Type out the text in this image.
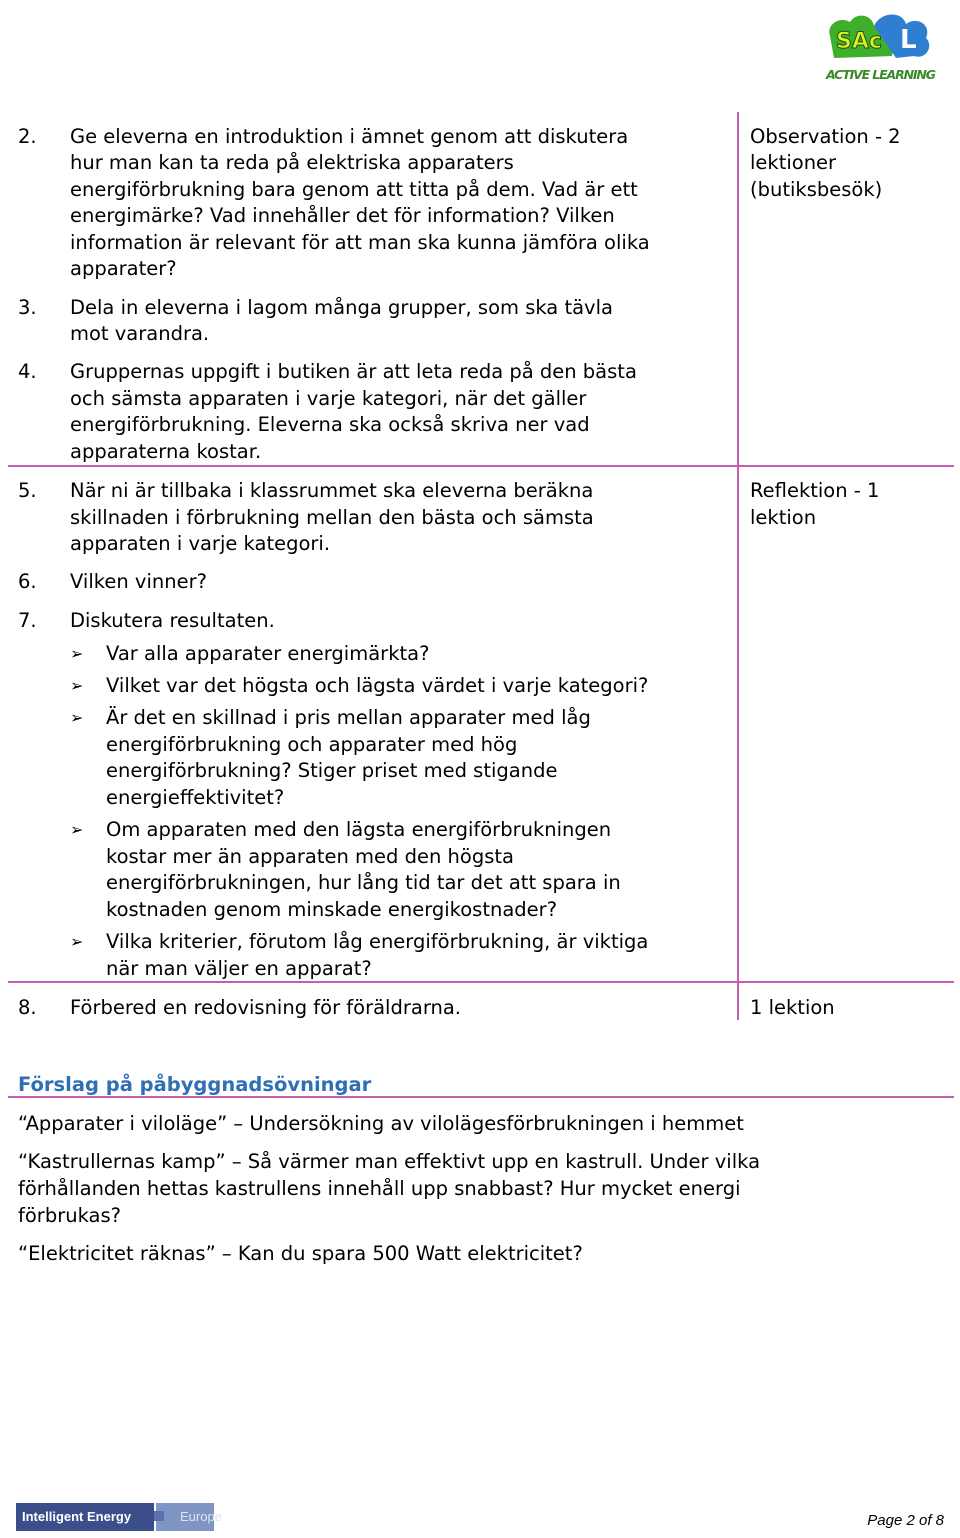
SAc L
ACTIVE LEARNING
2. Ge eleverna en introduktion i ämnet genom att diskutera
hur man kan ta reda på elektriska apparaters
energiförbrukning bara genom att titta på dem. Vad är ett
energimärke? Vad innehåller det för information? Vilken
information är relevant för att man ska kunna jämföra olika
apparater?
3. Dela in eleverna i lagom många grupper, som ska tävla
mot varandra.
4. Gruppernas uppgift i butiken är att leta reda på den bästa
och sämsta apparaten i varje kategori, när det gäller
energiförbrukning. Eleverna ska också skriva ner vad
apparaterna kostar.
5. När ni är tillbaka i klassrummet ska eleverna beräkna
skillnaden i förbrukning mellan den bästa och sämsta
apparaten i varje kategori.
6. Vilken vinner?
7. Diskutera resultaten.
➢ Var alla apparater energimärkta?
➢ Vilket var det högsta och lägsta värdet i varje kategori?
➢ Är det en skillnad i pris mellan apparater med låg
energiförbrukning och apparater med hög
energiförbrukning? Stiger priset med stigande
energieffektivitet?
➢ Om apparaten med den lägsta energiförbrukningen
kostar mer än apparaten med den högsta
energiförbrukningen, hur lång tid tar det att spara in
kostnaden genom minskade energikostnader?
➢ Vilka kriterier, förutom låg energiförbrukning, är viktiga
när man väljer en apparat?
8. Förbered en redovisning för föräldrarna.
Observation - 2
lektioner
(butiksbesök)
Reflektion - 1
lektion
1 lektion
Förslag på påbyggnadsövningar
“Apparater i viloläge” – Undersökning av vilolägesförbrukningen i hemmet
“Kastrullernas kamp” – Så värmer man effektivt upp en kastrull. Under vilka
förhållanden hettas kastrullens innehåll upp snabbast? Hur mycket energi
förbrukas?
“Elektricitet räknas” – Kan du spara 500 Watt elektricitet?
Intelligent Energy	Europe	Page 2 of 8
